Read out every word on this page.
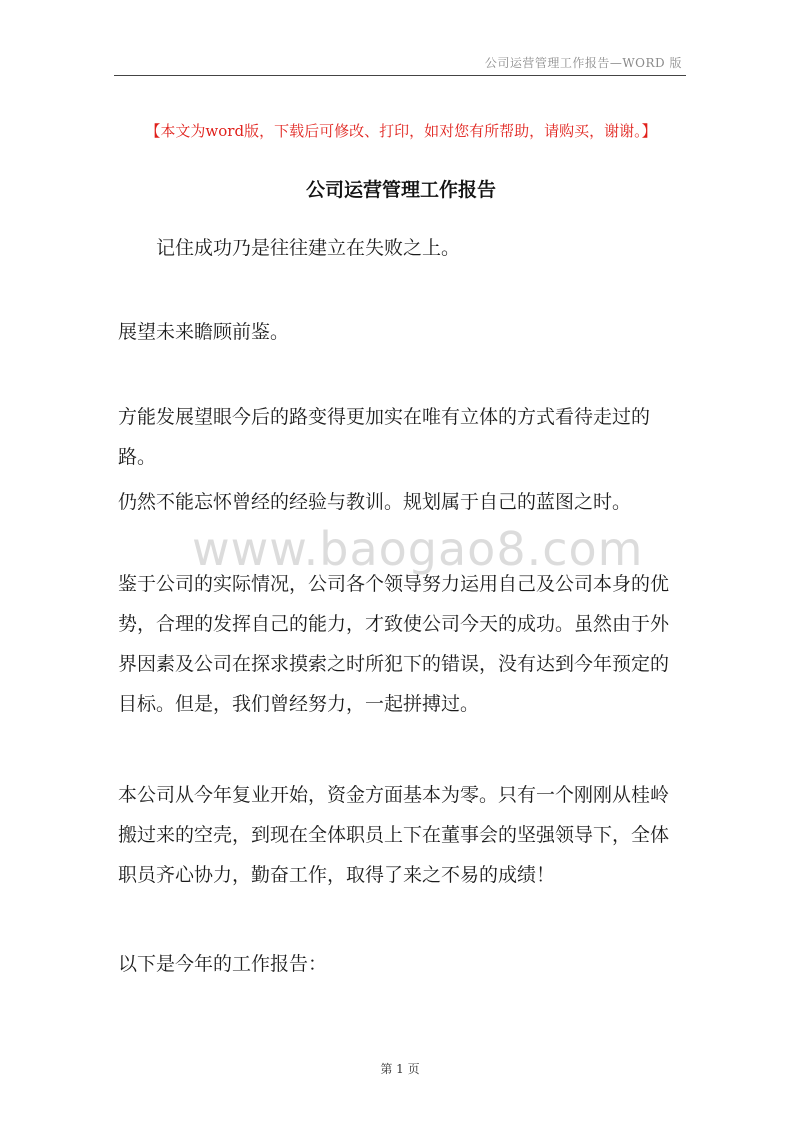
公司运营管理工作报告—WORD 版
【本文为word版，下载后可修改、打印，如对您有所帮助，请购买，谢谢。】
公司运营管理工作报告
记住成功乃是往往建立在失败之上。
展望未来瞻顾前鉴。
方能发展望眼今后的路变得更加实在唯有立体的方式看待走过的路。
仍然不能忘怀曾经的经验与教训。规划属于自己的蓝图之时。
www.baogao8.com
鉴于公司的实际情况，公司各个领导努力运用自己及公司本身的优势，合理的发挥自己的能力，才致使公司今天的成功。虽然由于外界因素及公司在探求摸索之时所犯下的错误，没有达到今年预定的目标。但是，我们曾经努力，一起拼搏过。
本公司从今年复业开始，资金方面基本为零。只有一个刚刚从桂岭搬过来的空壳，到现在全体职员上下在董事会的坚强领导下，全体职员齐心协力，勤奋工作，取得了来之不易的成绩！
以下是今年的工作报告：
第 1 页
